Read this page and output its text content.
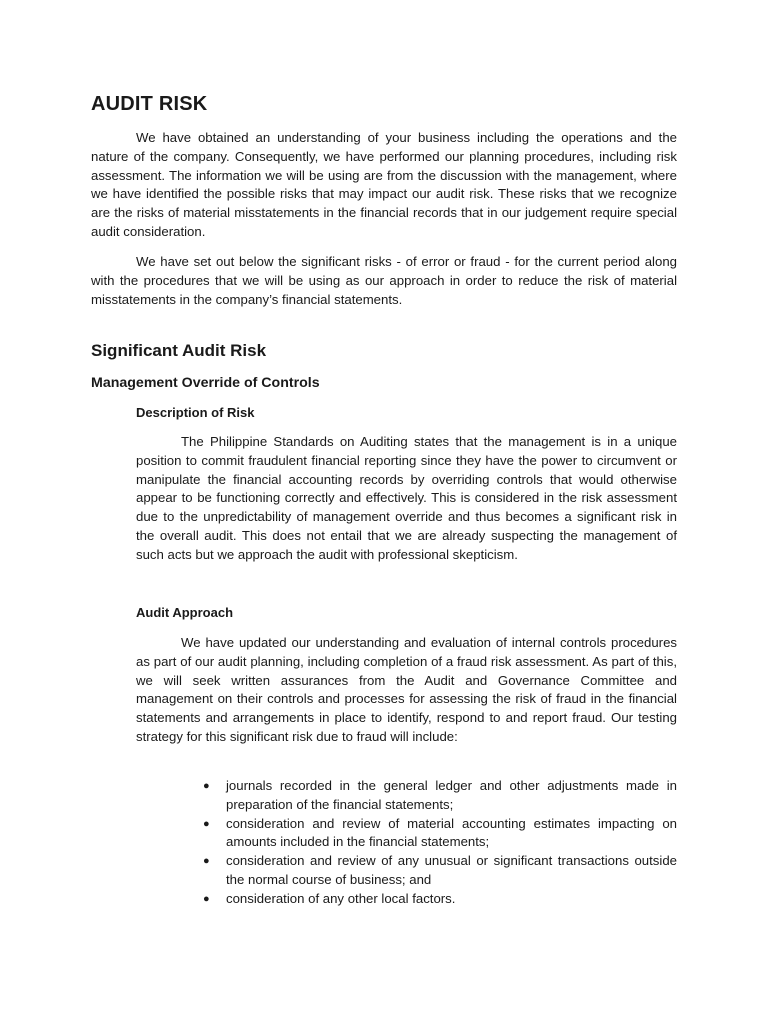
AUDIT RISK

We have obtained an understanding of your business including the operations and the nature of the company. Consequently, we have performed our planning procedures, including risk assessment. The information we will be using are from the discussion with the management, where we have identified the possible risks that may impact our audit risk. These risks that we recognize are the risks of material misstatements in the financial records that in our judgement require special audit consideration.

We have set out below the significant risks - of error or fraud - for the current period along with the procedures that we will be using as our approach in order to reduce the risk of material misstatements in the company’s financial statements.

Significant Audit Risk
Management Override of Controls
Description of Risk

The Philippine Standards on Auditing states that the management is in a unique position to commit fraudulent financial reporting since they have the power to circumvent or manipulate the financial accounting records by overriding controls that would otherwise appear to be functioning correctly and effectively. This is considered in the risk assessment due to the unpredictability of management override and thus becomes a significant risk in the overall audit. This does not entail that we are already suspecting the management of such acts but we approach the audit with professional skepticism.

Audit Approach

We have updated our understanding and evaluation of internal controls procedures as part of our audit planning, including completion of a fraud risk assessment. As part of this, we will seek written assurances from the Audit and Governance Committee and management on their controls and processes for assessing the risk of fraud in the financial statements and arrangements in place to identify, respond to and report fraud. Our testing strategy for this significant risk due to fraud will include:

● journals recorded in the general ledger and other adjustments made in preparation of the financial statements;
● consideration and review of material accounting estimates impacting on amounts included in the financial statements;
● consideration and review of any unusual or significant transactions outside the normal course of business; and
● consideration of any other local factors.
